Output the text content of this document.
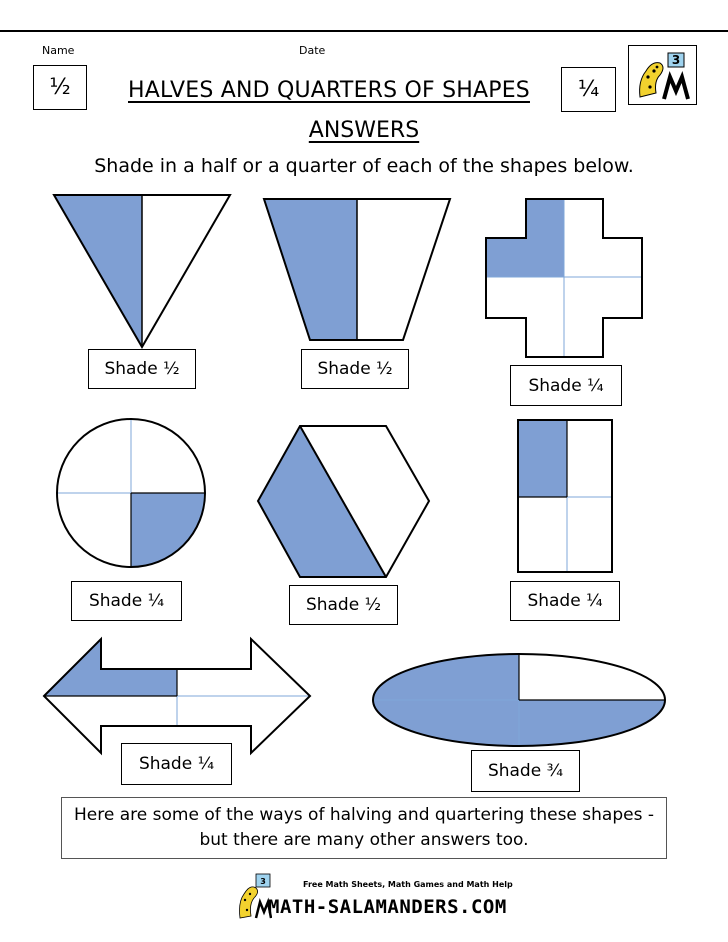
Name	Date
½	¼
3
HALVES AND QUARTERS OF SHAPES
ANSWERS
Shade in a half or a quarter of each of the shapes below.
Shade ½	Shade ½
Shade ¼
Shade ¼	Shade ½	Shade ¼
Shade ¼	Shade ¾
Here are some of the ways of halving and quartering these shapes -
but there are many other answers too.
3	Free Math Sheets, Math Games and Math Help
MATH-SALAMANDERS.COM
